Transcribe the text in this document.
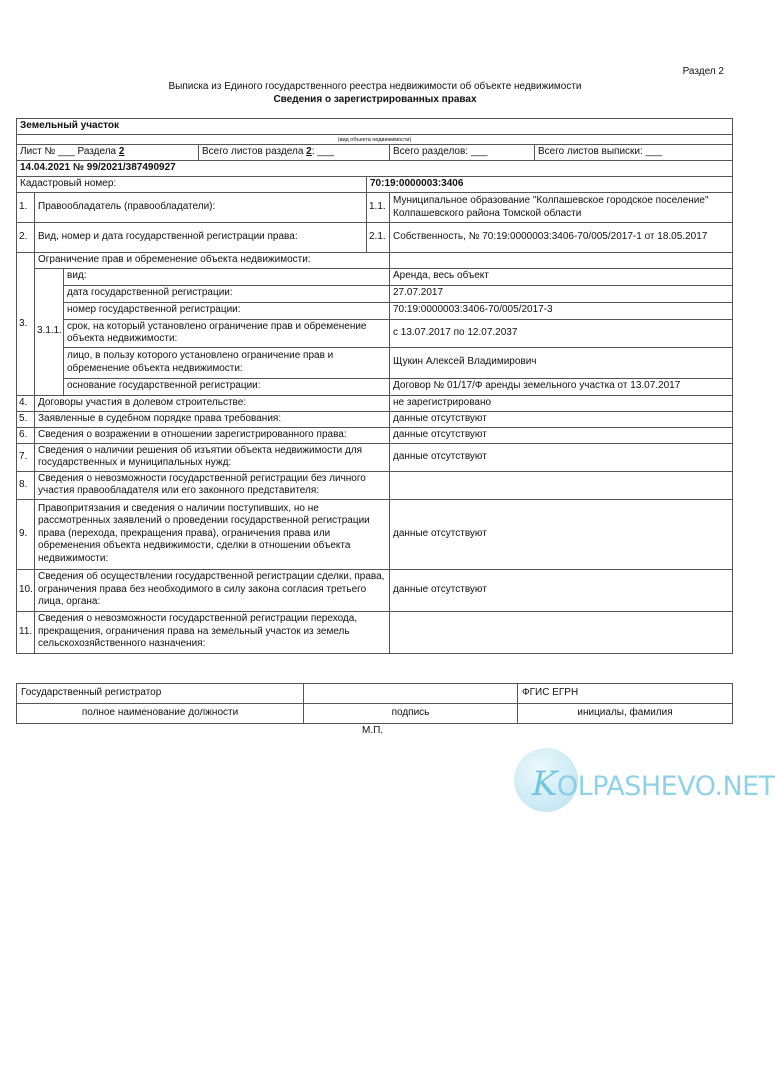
Раздел 2
Выписка из Единого государственного реестра недвижимости об объекте недвижимости
Сведения о зарегистрированных правах
Земельный участок						
(вид объекта недвижимости)						
Лист № ___ Раздела 2			Всего листов раздела 2: ___		Всего разделов: ___	Всего листов выписки: ___
14.04.2021 № 99/2021/387490927						
Кадастровый номер:				70:19:0000003:3406		
1.	Правообладатель (правообладатели):			1.1.	Муниципальное образование "Колпашевское городское поселение" Колпашевского района Томской области	
2.	Вид, номер и дата государственной регистрации права:			2.1.	Собственность, № 70:19:0000003:3406-70/005/2017-1 от 18.05.2017	
3.	Ограничение прав и обременение объекта недвижимости:					
	3.1.1.	вид:			Аренда, весь объект	
		дата государственной регистрации:			27.07.2017	
		номер государственной регистрации:			70:19:0000003:3406-70/005/2017-3	
		срок, на который установлено ограничение прав и обременение объекта недвижимости:			с 13.07.2017 по 12.07.2037	
		лицо, в пользу которого установлено ограничение прав и обременение объекта недвижимости:			Щукин Алексей Владимирович	
		основание государственной регистрации:			Договор № 01/17/Ф аренды земельного участка от 13.07.2017	
4.	Договоры участия в долевом строительстве:				не зарегистрировано	
5.	Заявленные в судебном порядке права требования:				данные отсутствуют	
6.	Сведения о возражении в отношении зарегистрированного права:				данные отсутствуют	
7.	Сведения о наличии решения об изъятии объекта недвижимости для государственных и муниципальных нужд:				данные отсутствуют	
8.	Сведения о невозможности государственной регистрации без личного участия правообладателя или его законного представителя:					
9.	Правопритязания и сведения о наличии поступивших, но не рассмотренных заявлений о проведении государственной регистрации права (перехода, прекращения права), ограничения права или обременения объекта недвижимости, сделки в отношении объекта недвижимости:				данные отсутствуют	
10.	Сведения об осуществлении государственной регистрации сделки, права, ограничения права без необходимого в силу закона согласия третьего лица, органа:				данные отсутствуют	
11.	Сведения о невозможности государственной регистрации перехода, прекращения, ограничения права на земельный участок из земель сельскохозяйственного назначения:					
Государственный регистратор		ФГИС ЕГРН
полное наименование должности	подпись	инициалы, фамилия
М.П.
KOLPASHEVO.NET
